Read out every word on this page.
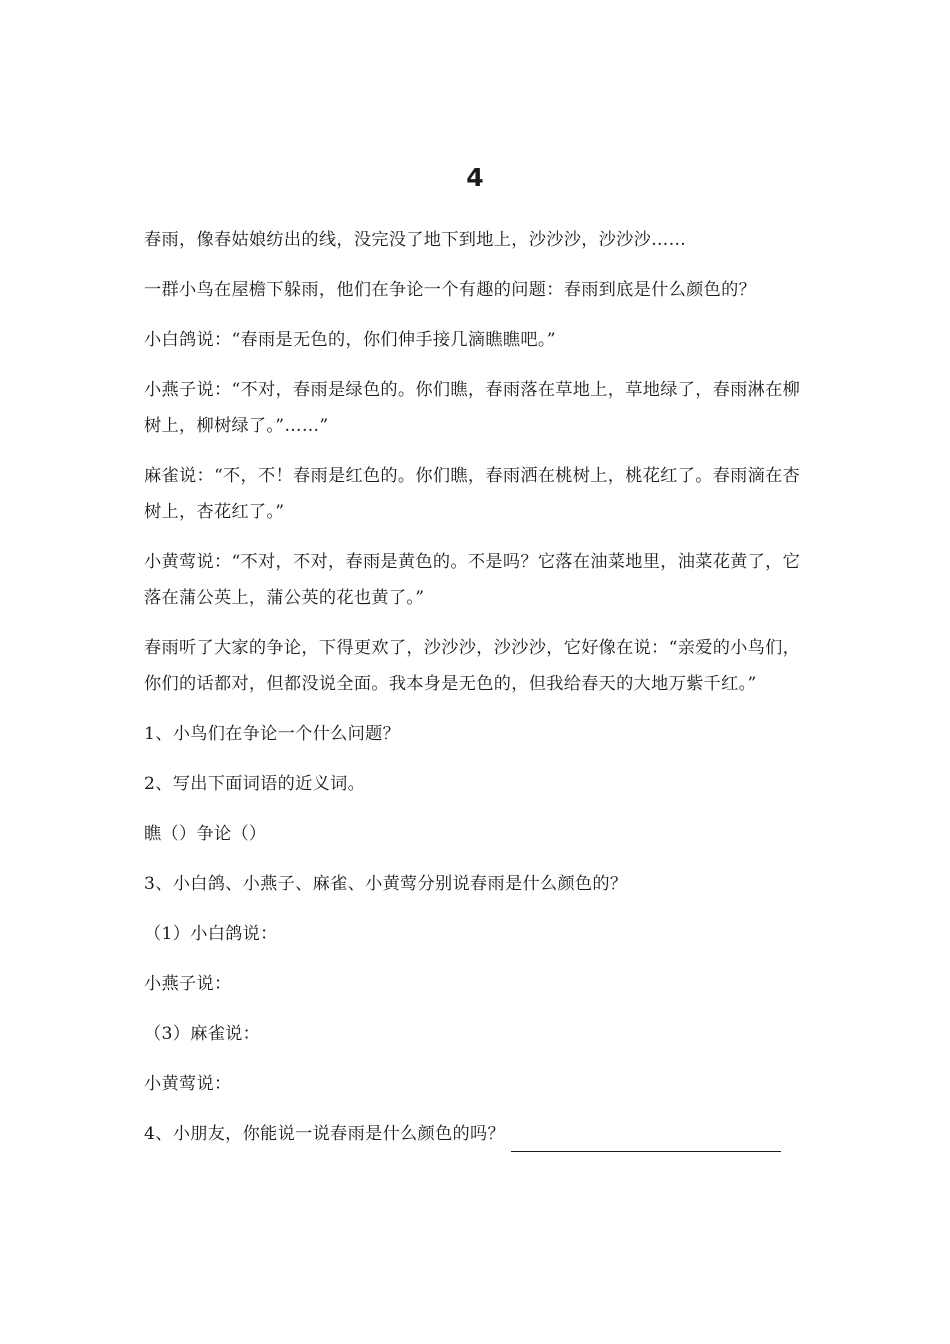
4

春雨，像春姑娘纺出的线，没完没了地下到地上，沙沙沙，沙沙沙……

一群小鸟在屋檐下躲雨，他们在争论一个有趣的问题：春雨到底是什么颜色的？

小白鸽说：“春雨是无色的，你们伸手接几滴瞧瞧吧。”

小燕子说：“不对，春雨是绿色的。你们瞧，春雨落在草地上，草地绿了，春雨淋在柳树上，柳树绿了。”……”

麻雀说：“不，不！春雨是红色的。你们瞧，春雨洒在桃树上，桃花红了。春雨滴在杏树上，杏花红了。”

小黄莺说：“不对，不对，春雨是黄色的。不是吗？它落在油菜地里，油菜花黄了，它落在蒲公英上，蒲公英的花也黄了。”

春雨听了大家的争论，下得更欢了，沙沙沙，沙沙沙，它好像在说：“亲爱的小鸟们，你们的话都对，但都没说全面。我本身是无色的，但我给春天的大地万紫千红。”

1、小鸟们在争论一个什么问题？

2、写出下面词语的近义词。

瞧（）争论（）

3、小白鸽、小燕子、麻雀、小黄莺分别说春雨是什么颜色的？

（1）小白鸽说：

小燕子说：

（3）麻雀说：

小黄莺说：

4、小朋友，你能说一说春雨是什么颜色的吗？
